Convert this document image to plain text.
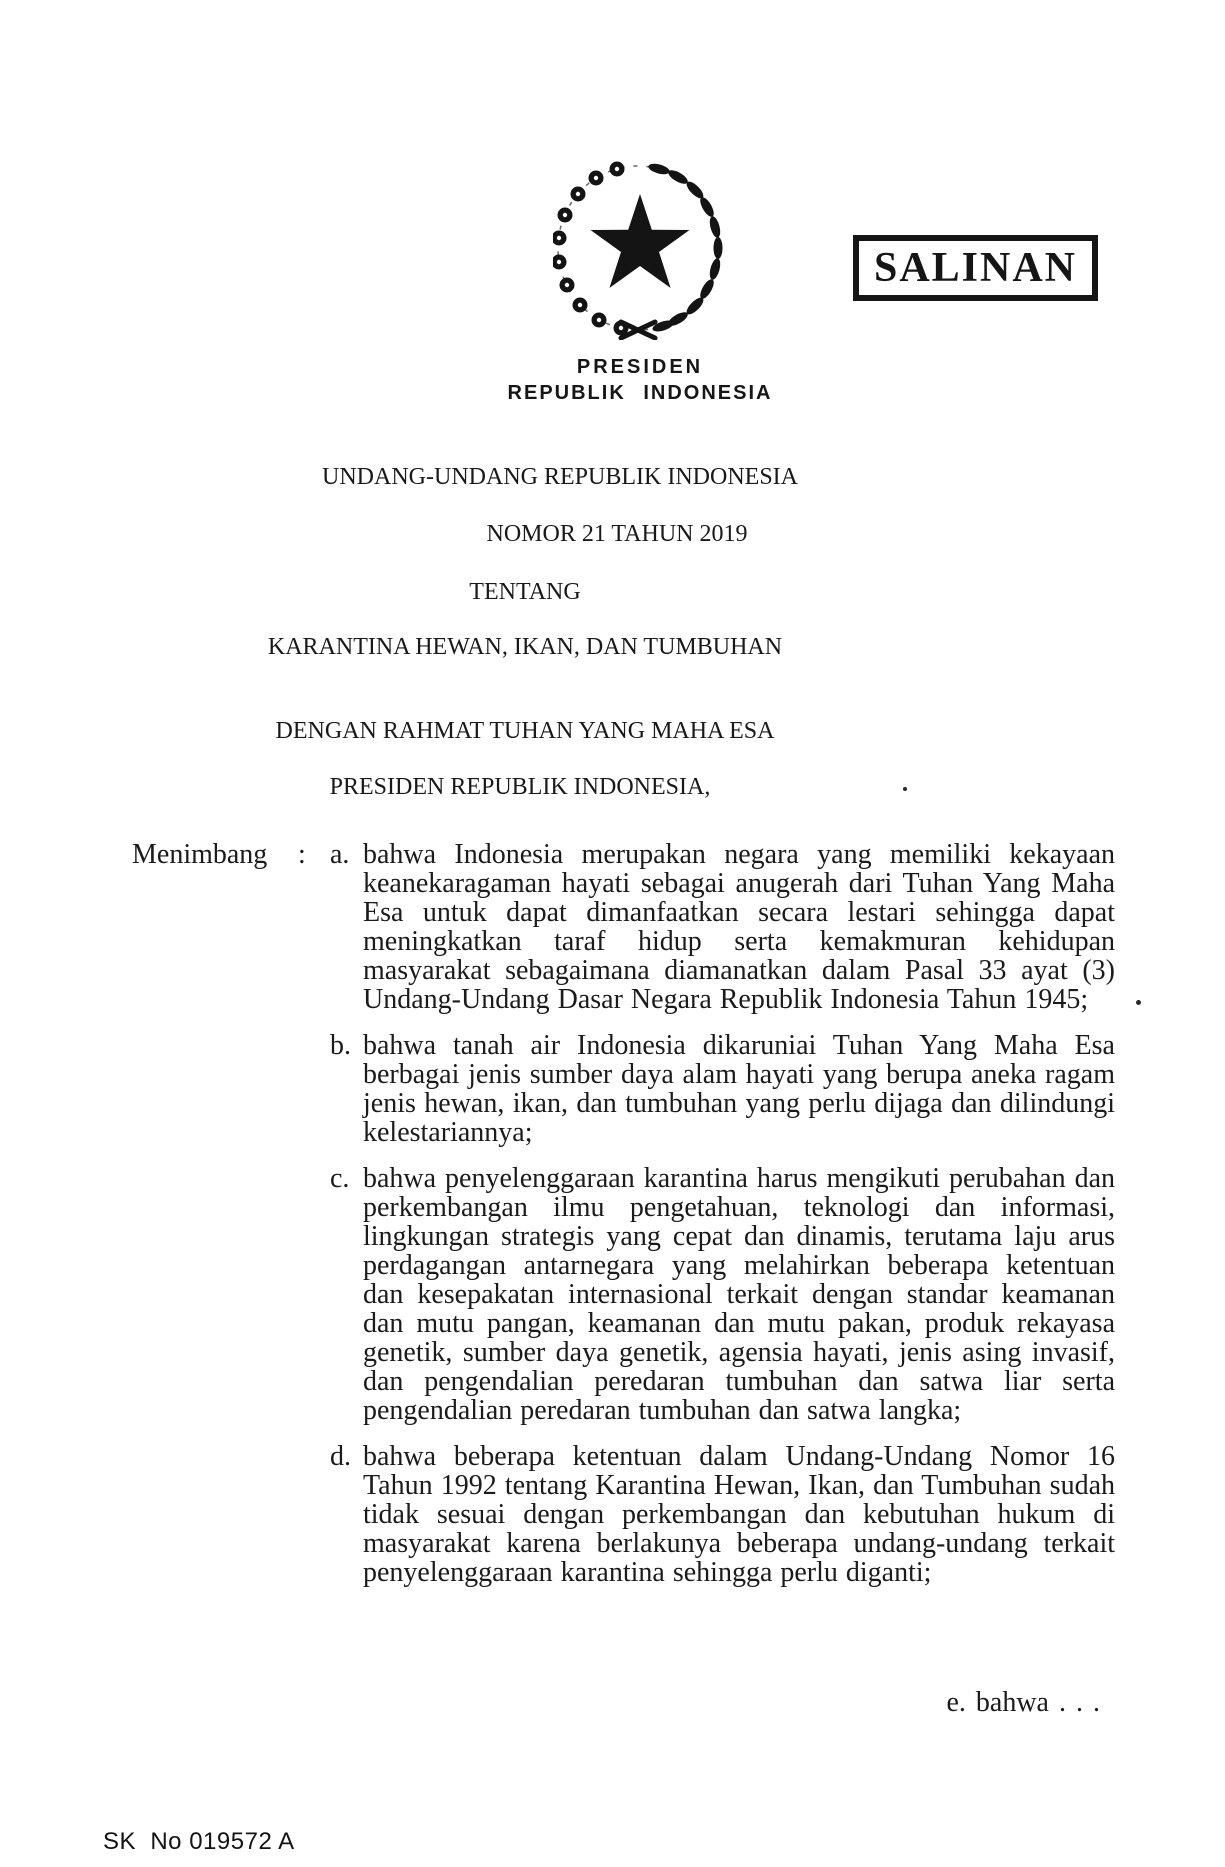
SALINAN
PRESIDEN
REPUBLIK INDONESIA
UNDANG-UNDANG REPUBLIK INDONESIA
NOMOR 21 TAHUN 2019
TENTANG
KARANTINA HEWAN, IKAN, DAN TUMBUHAN
DENGAN RAHMAT TUHAN YANG MAHA ESA
PRESIDEN REPUBLIK INDONESIA,
Menimbang	: a. bahwa Indonesia merupakan negara yang memiliki kekayaan keanekaragaman hayati sebagai anugerah dari Tuhan Yang Maha Esa untuk dapat dimanfaatkan secara lestari sehingga dapat meningkatkan taraf hidup serta kemakmuran kehidupan masyarakat sebagaimana diamanatkan dalam Pasal 33 ayat (3) Undang-Undang Dasar Negara Republik Indonesia Tahun 1945;

b. bahwa tanah air Indonesia dikaruniai Tuhan Yang Maha Esa berbagai jenis sumber daya alam hayati yang berupa aneka ragam jenis hewan, ikan, dan tumbuhan yang perlu dijaga dan dilindungi kelestariannya;

c. bahwa penyelenggaraan karantina harus mengikuti perubahan dan perkembangan ilmu pengetahuan, teknologi dan informasi, lingkungan strategis yang cepat dan dinamis, terutama laju arus perdagangan antarnegara yang melahirkan beberapa ketentuan dan kesepakatan internasional terkait dengan standar keamanan dan mutu pangan, keamanan dan mutu pakan, produk rekayasa genetik, sumber daya genetik, agensia hayati, jenis asing invasif, dan pengendalian peredaran tumbuhan dan satwa liar serta pengendalian peredaran tumbuhan dan satwa langka;

d. bahwa beberapa ketentuan dalam Undang-Undang Nomor 16 Tahun 1992 tentang Karantina Hewan, Ikan, dan Tumbuhan sudah tidak sesuai dengan perkembangan dan kebutuhan hukum di masyarakat karena berlakunya beberapa undang-undang terkait penyelenggaraan karantina sehingga perlu diganti;

e. bahwa . . .
SK  No 019572 A
